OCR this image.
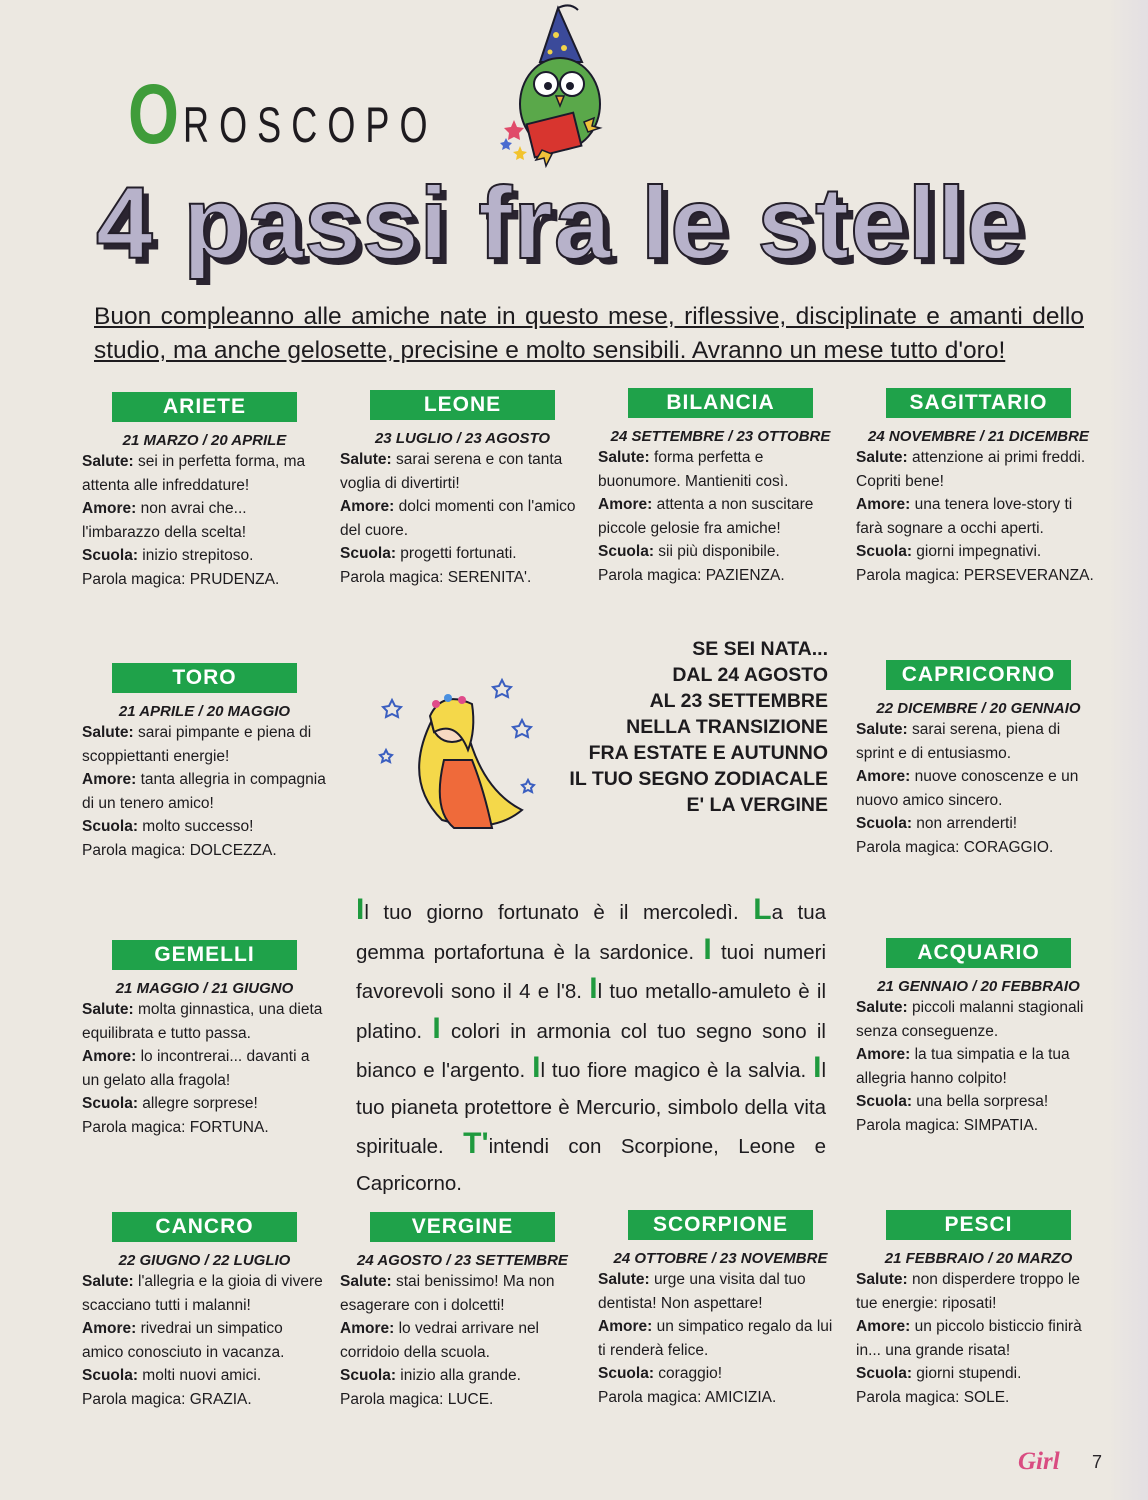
O ROSCOPO
4 passi fra le stelle
Buon compleanno alle amiche nate in questo mese, riflessive, disciplinate e amanti dello studio, ma anche gelosette, precisine e molto sensibili. Avranno un mese tutto d'oro!
ARIETE
21 MARZO / 20 APRILE
Salute: sei in perfetta forma, ma attenta alle infreddature!
Amore: non avrai che... l'imbarazzo della scelta!
Scuola: inizio strepitoso.
Parola magica: PRUDENZA.
LEONE
23 LUGLIO / 23 AGOSTO
Salute: sarai serena e con tanta voglia di divertirti!
Amore: dolci momenti con l'amico del cuore.
Scuola: progetti fortunati.
Parola magica: SERENITA'.
BILANCIA
24 SETTEMBRE / 23 OTTOBRE
Salute: forma perfetta e buonumore. Mantieniti così.
Amore: attenta a non suscitare piccole gelosie fra amiche!
Scuola: sii più disponibile.
Parola magica: PAZIENZA.
SAGITTARIO
24 NOVEMBRE / 21 DICEMBRE
Salute: attenzione ai primi freddi. Copriti bene!
Amore: una tenera love-story ti farà sognare a occhi aperti.
Scuola: giorni impegnativi.
Parola magica: PERSEVERANZA.
TORO
21 APRILE / 20 MAGGIO
Salute: sarai pimpante e piena di scoppiettanti energie!
Amore: tanta allegria in compagnia di un tenero amico!
Scuola: molto successo!
Parola magica: DOLCEZZA.
CAPRICORNO
22 DICEMBRE / 20 GENNAIO
Salute: sarai serena, piena di sprint e di entusiasmo.
Amore: nuove conoscenze e un nuovo amico sincero.
Scuola: non arrenderti!
Parola magica: CORAGGIO.
GEMELLI
21 MAGGIO / 21 GIUGNO
Salute: molta ginnastica, una dieta equilibrata e tutto passa.
Amore: lo incontrerai... davanti a un gelato alla fragola!
Scuola: allegre sorprese!
Parola magica: FORTUNA.
ACQUARIO
21 GENNAIO / 20 FEBBRAIO
Salute: piccoli malanni stagionali senza conseguenze.
Amore: la tua simpatia e la tua allegria hanno colpito!
Scuola: una bella sorpresa!
Parola magica: SIMPATIA.
CANCRO
22 GIUGNO / 22 LUGLIO
Salute: l'allegria e la gioia di vivere scacciano tutti i malanni!
Amore: rivedrai un simpatico amico conosciuto in vacanza.
Scuola: molti nuovi amici.
Parola magica: GRAZIA.
VERGINE
24 AGOSTO / 23 SETTEMBRE
Salute: stai benissimo! Ma non esagerare con i dolcetti!
Amore: lo vedrai arrivare nel corridoio della scuola.
Scuola: inizio alla grande.
Parola magica: LUCE.
SCORPIONE
24 OTTOBRE / 23 NOVEMBRE
Salute: urge una visita dal tuo dentista! Non aspettare!
Amore: un simpatico regalo da lui ti renderà felice.
Scuola: coraggio!
Parola magica: AMICIZIA.
PESCI
21 FEBBRAIO / 20 MARZO
Salute: non disperdere troppo le tue energie: riposati!
Amore: un piccolo bisticcio finirà in... una grande risata!
Scuola: giorni stupendi.
Parola magica: SOLE.
SE SEI NATA...
DAL 24 AGOSTO
AL 23 SETTEMBRE
NELLA TRANSIZIONE
FRA ESTATE E AUTUNNO
IL TUO SEGNO ZODIACALE
E' LA VERGINE
Il tuo giorno fortunato è il mercoledì. La tua gemma portafortuna è la sardonice. I tuoi numeri favorevoli sono il 4 e l'8. Il tuo metallo-amuleto è il platino. I colori in armonia col tuo segno sono il bianco e l'argento. Il tuo fiore magico è la salvia. Il tuo pianeta protettore è Mercurio, simbolo della vita spirituale. T'intendi con Scorpione, Leone e Capricorno.
Girl 7
